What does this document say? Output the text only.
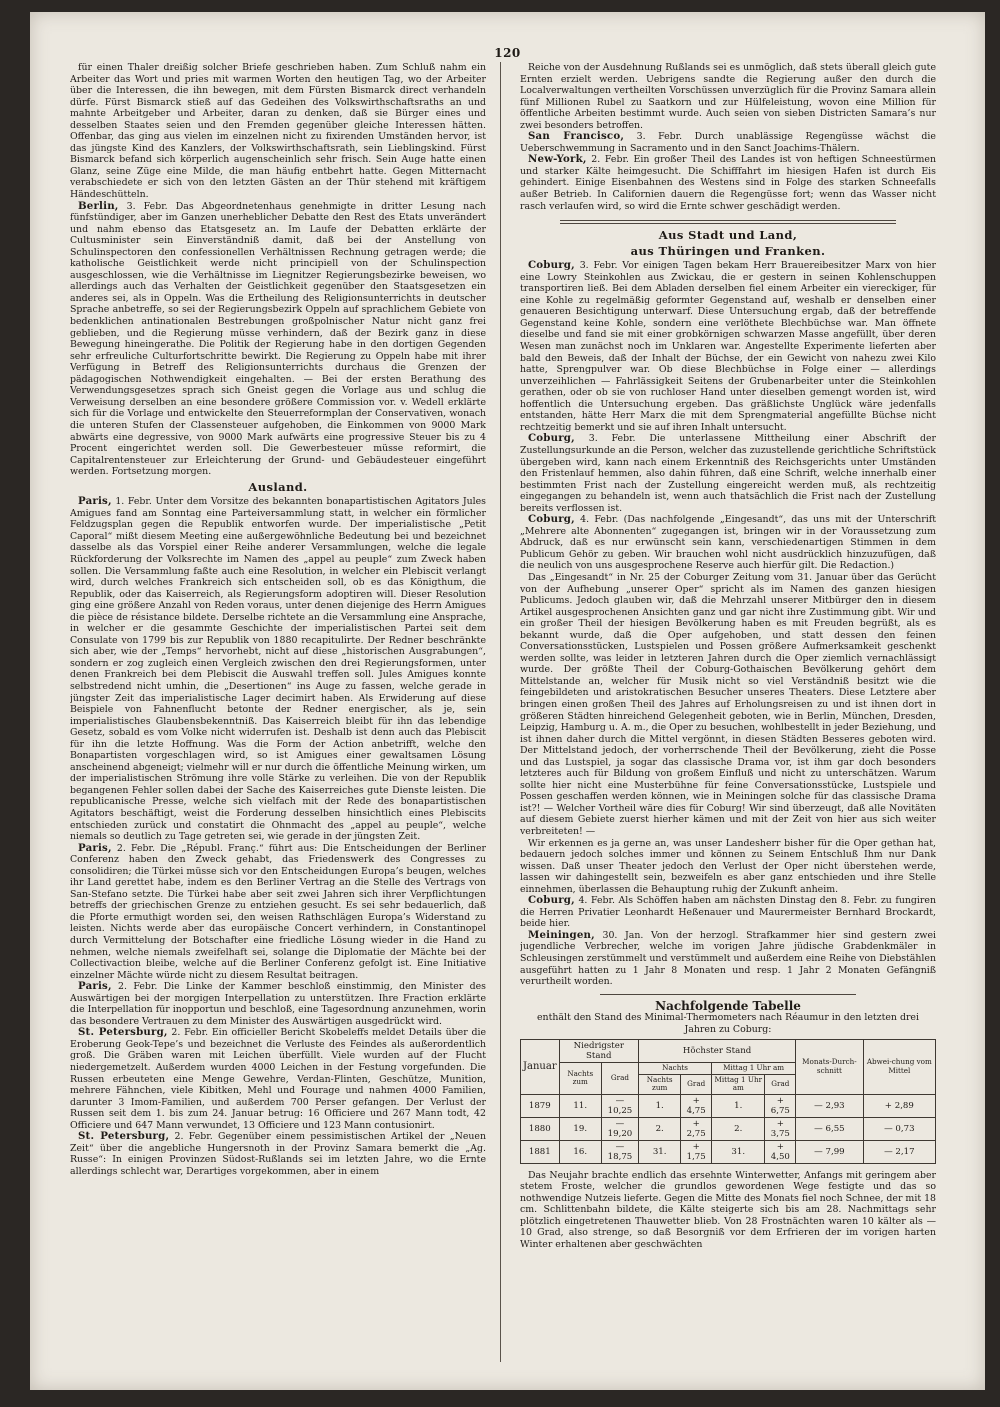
120

für einen Thaler dreißig solcher Briefe geschrieben haben. Zum Schluß nahm ein Arbeiter das Wort und pries mit warmen Worten den heutigen Tag, wo der Arbeiter über die Interessen, die ihn bewegen, mit dem Fürsten Bismarck direct verhandeln dürfe. Fürst Bismarck stieß auf das Gedeihen des Volkswirthschaftsraths an und mahnte Arbeitgeber und Arbeiter, daran zu denken, daß sie Bürger eines und desselben Staates seien und den Fremden gegenüber gleiche Interessen hätten. Offenbar, das ging aus vielen im einzelnen nicht zu fixirenden Umständen hervor, ist das jüngste Kind des Kanzlers, der Volkswirthschaftsrath, sein Lieblingskind. Fürst Bismarck befand sich körperlich augenscheinlich sehr frisch. Sein Auge hatte einen Glanz, seine Züge eine Milde, die man häufig entbehrt hatte. Gegen Mitternacht verabschiedete er sich von den letzten Gästen an der Thür stehend mit kräftigem Händeschütteln.

Berlin, 3. Febr. Das Abgeordnetenhaus genehmigte in dritter Lesung nach fünfstündiger, aber im Ganzen unerheblicher Debatte den Rest des Etats unverändert und nahm ebenso das Etatsgesetz an. Im Laufe der Debatten erklärte der Cultusminister sein Einverständniß damit, daß bei der Anstellung von Schulinspectoren den confessionellen Verhältnissen Rechnung getragen werde; die katholische Geistlichkeit werde nicht principiell von der Schulinspection ausgeschlossen, wie die Verhältnisse im Liegnitzer Regierungsbezirke beweisen, wo allerdings auch das Verhalten der Geistlichkeit gegenüber den Staatsgesetzen ein anderes sei, als in Oppeln. Was die Ertheilung des Religionsunterrichts in deutscher Sprache anbetreffe, so sei der Regierungsbezirk Oppeln auf sprachlichem Gebiete von bedenklichen antinationalen Bestrebungen großpolnischer Natur nicht ganz frei geblieben, und die Regierung müsse verhindern, daß der Bezirk ganz in diese Bewegung hineingerathe. Die Politik der Regierung habe in den dortigen Gegenden sehr erfreuliche Culturfortschritte bewirkt. Die Regierung zu Oppeln habe mit ihrer Verfügung in Betreff des Religionsunterrichts durchaus die Grenzen der pädagogischen Nothwendigkeit eingehalten. — Bei der ersten Berathung des Verwendungsgesetzes sprach sich Gneist gegen die Vorlage aus und schlug die Verweisung derselben an eine besondere größere Commission vor. v. Wedell erklärte sich für die Vorlage und entwickelte den Steuerreformplan der Conservativen, wonach die unteren Stufen der Classensteuer aufgehoben, die Einkommen von 9000 Mark abwärts eine degressive, von 9000 Mark aufwärts eine progressive Steuer bis zu 4 Procent eingerichtet werden soll. Die Gewerbesteuer müsse reformirt, die Capitalrentensteuer zur Erleichterung der Grund- und Gebäudesteuer eingeführt werden. Fortsetzung morgen.

Ausland.

Paris, 1. Febr. Unter dem Vorsitze des bekannten bonapartistischen Agitators Jules Amigues fand am Sonntag eine Parteiversammlung statt, in welcher ein förmlicher Feldzugsplan gegen die Republik entworfen wurde. Der imperialistische „Petit Caporal“ mißt diesem Meeting eine außergewöhnliche Bedeutung bei und bezeichnet dasselbe als das Vorspiel einer Reihe anderer Versammlungen, welche die legale Rückforderung der Volksrechte im Namen des „appel au peuple“ zum Zweck haben sollen. Die Versammlung faßte auch eine Resolution, in welcher ein Plebiscit verlangt wird, durch welches Frankreich sich entscheiden soll, ob es das Königthum, die Republik, oder das Kaiserreich, als Regierungsform adoptiren will. Dieser Resolution ging eine größere Anzahl von Reden voraus, unter denen diejenige des Herrn Amigues die pièce de résistance bildete. Derselbe richtete an die Versammlung eine Ansprache, in welcher er die gesammte Geschichte der imperialistischen Partei seit dem Consulate von 1799 bis zur Republik von 1880 recapitulirte. Der Redner beschränkte sich aber, wie der „Temps“ hervorhebt, nicht auf diese „historischen Ausgrabungen“, sondern er zog zugleich einen Vergleich zwischen den drei Regierungsformen, unter denen Frankreich bei dem Plebiscit die Auswahl treffen soll. Jules Amigues konnte selbstredend nicht umhin, die „Desertionen“ ins Auge zu fassen, welche gerade in jüngster Zeit das imperialistische Lager decimirt haben. Als Erwiderung auf diese Beispiele von Fahnenflucht betonte der Redner energischer, als je, sein imperialistisches Glaubensbekenntniß. Das Kaiserreich bleibt für ihn das lebendige Gesetz, sobald es vom Volke nicht widerrufen ist. Deshalb ist denn auch das Plebiscit für ihn die letzte Hoffnung. Was die Form der Action anbetrifft, welche den Bonapartisten vorgeschlagen wird, so ist Amigues einer gewaltsamen Lösung anscheinend abgeneigt; vielmehr will er nur durch die öffentliche Meinung wirken, um der imperialistischen Strömung ihre volle Stärke zu verleihen. Die von der Republik begangenen Fehler sollen dabei der Sache des Kaiserreiches gute Dienste leisten. Die republicanische Presse, welche sich vielfach mit der Rede des bonapartistischen Agitators beschäftigt, weist die Forderung desselben hinsichtlich eines Plebiscits entschieden zurück und constatirt die Ohnmacht des „appel au peuple“, welche niemals so deutlich zu Tage getreten sei, wie gerade in der jüngsten Zeit.

Paris, 2. Febr. Die „Républ. Franç.“ führt aus: Die Entscheidungen der Berliner Conferenz haben den Zweck gehabt, das Friedenswerk des Congresses zu consolidiren; die Türkei müsse sich vor den Entscheidungen Europa’s beugen, welches ihr Land gerettet habe, indem es den Berliner Vertrag an die Stelle des Vertrags von San-Stefano setzte. Die Türkei habe aber seit zwei Jahren sich ihrer Verpflichtungen betreffs der griechischen Grenze zu entziehen gesucht. Es sei sehr bedauerlich, daß die Pforte ermuthigt worden sei, den weisen Rathschlägen Europa’s Widerstand zu leisten. Nichts werde aber das europäische Concert verhindern, in Constantinopel durch Vermittelung der Botschafter eine friedliche Lösung wieder in die Hand zu nehmen, welche niemals zweifelhaft sei, solange die Diplomatie der Mächte bei der Collectivaction bleibe, welche auf die Berliner Conferenz gefolgt ist. Eine Initiative einzelner Mächte würde nicht zu diesem Resultat beitragen.

Paris, 2. Febr. Die Linke der Kammer beschloß einstimmig, den Minister des Auswärtigen bei der morgigen Interpellation zu unterstützen. Ihre Fraction erklärte die Interpellation für inopportun und beschloß, eine Tagesordnung anzunehmen, worin das besondere Vertrauen zu dem Minister des Auswärtigen ausgedrückt wird.

St. Petersburg, 2. Febr. Ein officieller Bericht Skobeleffs meldet Details über die Eroberung Geok-Tepe’s und bezeichnet die Verluste des Feindes als außerordentlich groß. Die Gräben waren mit Leichen überfüllt. Viele wurden auf der Flucht niedergemetzelt. Außerdem wurden 4000 Leichen in der Festung vorgefunden. Die Russen erbeuteten eine Menge Gewehre, Verdan-Flinten, Geschütze, Munition, mehrere Fähnchen, viele Kibitken, Mehl und Fourage und nahmen 4000 Familien, darunter 3 Imom-Familien, und außerdem 700 Perser gefangen. Der Verlust der Russen seit dem 1. bis zum 24. Januar betrug: 16 Officiere und 267 Mann todt, 42 Officiere und 647 Mann verwundet, 13 Officiere und 123 Mann contusionirt.

St. Petersburg, 2. Febr. Gegenüber einem pessimistischen Artikel der „Neuen Zeit“ über die angebliche Hungersnoth in der Provinz Samara bemerkt die „Ag. Russe“: In einigen Provinzen Südost-Rußlands sei im letzten Jahre, wo die Ernte allerdings schlecht war, Derartiges vorgekommen, aber in einem

Reiche von der Ausdehnung Rußlands sei es unmöglich, daß stets überall gleich gute Ernten erzielt werden. Uebrigens sandte die Regierung außer den durch die Localverwaltungen vertheilten Vorschüssen unverzüglich für die Provinz Samara allein fünf Millionen Rubel zu Saatkorn und zur Hülfeleistung, wovon eine Million für öffentliche Arbeiten bestimmt wurde. Auch seien von sieben Districten Samara’s nur zwei besonders betroffen.

San Francisco, 3. Febr. Durch unablässige Regengüsse wächst die Ueberschwemmung in Sacramento und in den Sanct Joachims-Thälern.

New-York, 2. Febr. Ein großer Theil des Landes ist von heftigen Schneestürmen und starker Kälte heimgesucht. Die Schifffahrt im hiesigen Hafen ist durch Eis gehindert. Einige Eisenbahnen des Westens sind in Folge des starken Schneefalls außer Betrieb. In Californien dauern die Regengüsse fort; wenn das Wasser nicht rasch verlaufen wird, so wird die Ernte schwer geschädigt werden.

Aus Stadt und Land,
aus Thüringen und Franken.

Coburg, 3. Febr. Vor einigen Tagen bekam Herr Brauereibesitzer Marx von hier eine Lowry Steinkohlen aus Zwickau, die er gestern in seinen Kohlenschuppen transportiren ließ. Bei dem Abladen derselben fiel einem Arbeiter ein viereckiger, für eine Kohle zu regelmäßig geformter Gegenstand auf, weshalb er denselben einer genaueren Besichtigung unterwarf. Diese Untersuchung ergab, daß der betreffende Gegenstand keine Kohle, sondern eine verlöthete Blechbüchse war. Man öffnete dieselbe und fand sie mit einer grobkörnigen schwarzen Masse angefüllt, über deren Wesen man zunächst noch im Unklaren war. Angestellte Experimente lieferten aber bald den Beweis, daß der Inhalt der Büchse, der ein Gewicht von nahezu zwei Kilo hatte, Sprengpulver war. Ob diese Blechbüchse in Folge einer — allerdings unverzeihlichen — Fahrlässigkeit Seitens der Grubenarbeiter unter die Steinkohlen gerathen, oder ob sie von ruchloser Hand unter dieselben gemengt worden ist, wird hoffentlich die Untersuchung ergeben. Das gräßlichste Unglück wäre jedenfalls entstanden, hätte Herr Marx die mit dem Sprengmaterial angefüllte Büchse nicht rechtzeitig bemerkt und sie auf ihren Inhalt untersucht.

Coburg, 3. Febr. Die unterlassene Mittheilung einer Abschrift der Zustellungsurkunde an die Person, welcher das zuzustellende gerichtliche Schriftstück übergeben wird, kann nach einem Erkenntniß des Reichsgerichts unter Umständen den Fristenlauf hemmen, also dahin führen, daß eine Schrift, welche innerhalb einer bestimmten Frist nach der Zustellung eingereicht werden muß, als rechtzeitig eingegangen zu behandeln ist, wenn auch thatsächlich die Frist nach der Zustellung bereits verflossen ist.

Coburg, 4. Febr. (Das nachfolgende „Eingesandt“, das uns mit der Unterschrift „Mehrere alte Abonnenten“ zugegangen ist, bringen wir in der Voraussetzung zum Abdruck, daß es nur erwünscht sein kann, verschiedenartigen Stimmen in dem Publicum Gehör zu geben. Wir brauchen wohl nicht ausdrücklich hinzuzufügen, daß die neulich von uns ausgesprochene Reserve auch hierfür gilt. Die Redaction.)

Das „Eingesandt“ in Nr. 25 der Coburger Zeitung vom 31. Januar über das Gerücht von der Aufhebung „unserer Oper“ spricht als im Namen des ganzen hiesigen Publicums. Jedoch glauben wir, daß die Mehrzahl unserer Mitbürger den in diesem Artikel ausgesprochenen Ansichten ganz und gar nicht ihre Zustimmung gibt. Wir und ein großer Theil der hiesigen Bevölkerung haben es mit Freuden begrüßt, als es bekannt wurde, daß die Oper aufgehoben, und statt dessen den feinen Conversationsstücken, Lustspielen und Possen größere Aufmerksamkeit geschenkt werden sollte, was leider in letzteren Jahren durch die Oper ziemlich vernachlässigt wurde. Der größte Theil der Coburg-Gothaischen Bevölkerung gehört dem Mittelstande an, welcher für Musik nicht so viel Verständniß besitzt wie die feingebildeten und aristokratischen Besucher unseres Theaters. Diese Letztere aber bringen einen großen Theil des Jahres auf Erholungsreisen zu und ist ihnen dort in größeren Städten hinreichend Gelegenheit geboten, wie in Berlin, München, Dresden, Leipzig, Hamburg u. A. m., die Oper zu besuchen, wohlbestellt in jeder Beziehung, und ist ihnen daher durch die Mittel vergönnt, in diesen Städten Besseres geboten wird. Der Mittelstand jedoch, der vorherrschende Theil der Bevölkerung, zieht die Posse und das Lustspiel, ja sogar das classische Drama vor, ist ihm gar doch besonders letzteres auch für Bildung von großem Einfluß und nicht zu unterschätzen. Warum sollte hier nicht eine Musterbühne für feine Conversationsstücke, Lustspiele und Possen geschaffen werden können, wie in Meiningen solche für das classische Drama ist?! — Welcher Vortheil wäre dies für Coburg! Wir sind überzeugt, daß alle Novitäten auf diesem Gebiete zuerst hierher kämen und mit der Zeit von hier aus sich weiter verbreiteten! —

Wir erkennen es ja gerne an, was unser Landesherr bisher für die Oper gethan hat, bedauern jedoch solches immer und können zu Seinem Entschluß Ihm nur Dank wissen. Daß unser Theater jedoch den Verlust der Oper nicht überstehen werde, lassen wir dahingestellt sein, bezweifeln es aber ganz entschieden und ihre Stelle einnehmen, überlassen die Behauptung ruhig der Zukunft anheim.

Coburg, 4. Febr. Als Schöffen haben am nächsten Dinstag den 8. Febr. zu fungiren die Herren Privatier Leonhardt Heßenauer und Maurermeister Bernhard Brockardt, beide hier.

Meiningen, 30. Jan. Von der herzogl. Strafkammer hier sind gestern zwei jugendliche Verbrecher, welche im vorigen Jahre jüdische Grabdenkmäler in Schleusingen zerstümmelt und verstümmelt und außerdem eine Reihe von Diebstählen ausgeführt hatten zu 1 Jahr 8 Monaten und resp. 1 Jahr 2 Monaten Gefängniß verurtheilt worden.

Nachfolgende Tabelle
enthält den Stand des Minimal-Thermometers nach Réaumur in den letzten drei Jahren zu Coburg:
Januar	Niedrigster Stand		Höchster Stand				Monats-Durch-schnitt	Abwei-chung vom Mittel
	Nachts zum	Grad	Nachts		Mittag 1 Uhr am			
			Nachts zum	Grad	Mittag 1 Uhr am	Grad		
1879	11.	— 10,25	1.	+ 4,75	1.	+ 6,75	— 2,93	+ 2,89
1880	19.	— 19,20	2.	+ 2,75	2.	+ 3,75	— 6,55	— 0,73
1881	16.	— 18,75	31.	+ 1,75	31.	+ 4,50	— 7,99	— 2,17

Das Neujahr brachte endlich das ersehnte Winterwetter, Anfangs mit geringem aber stetem Froste, welcher die grundlos gewordenen Wege festigte und das so nothwendige Nutzeis lieferte. Gegen die Mitte des Monats fiel noch Schnee, der mit 18 cm. Schlittenbahn bildete, die Kälte steigerte sich bis am 28. Nachmittags sehr plötzlich eingetretenen Thauwetter blieb. Von 28 Frostnächten waren 10 kälter als — 10 Grad, also strenge, so daß Besorgniß vor dem Erfrieren der im vorigen harten Winter erhaltenen aber geschwächten
